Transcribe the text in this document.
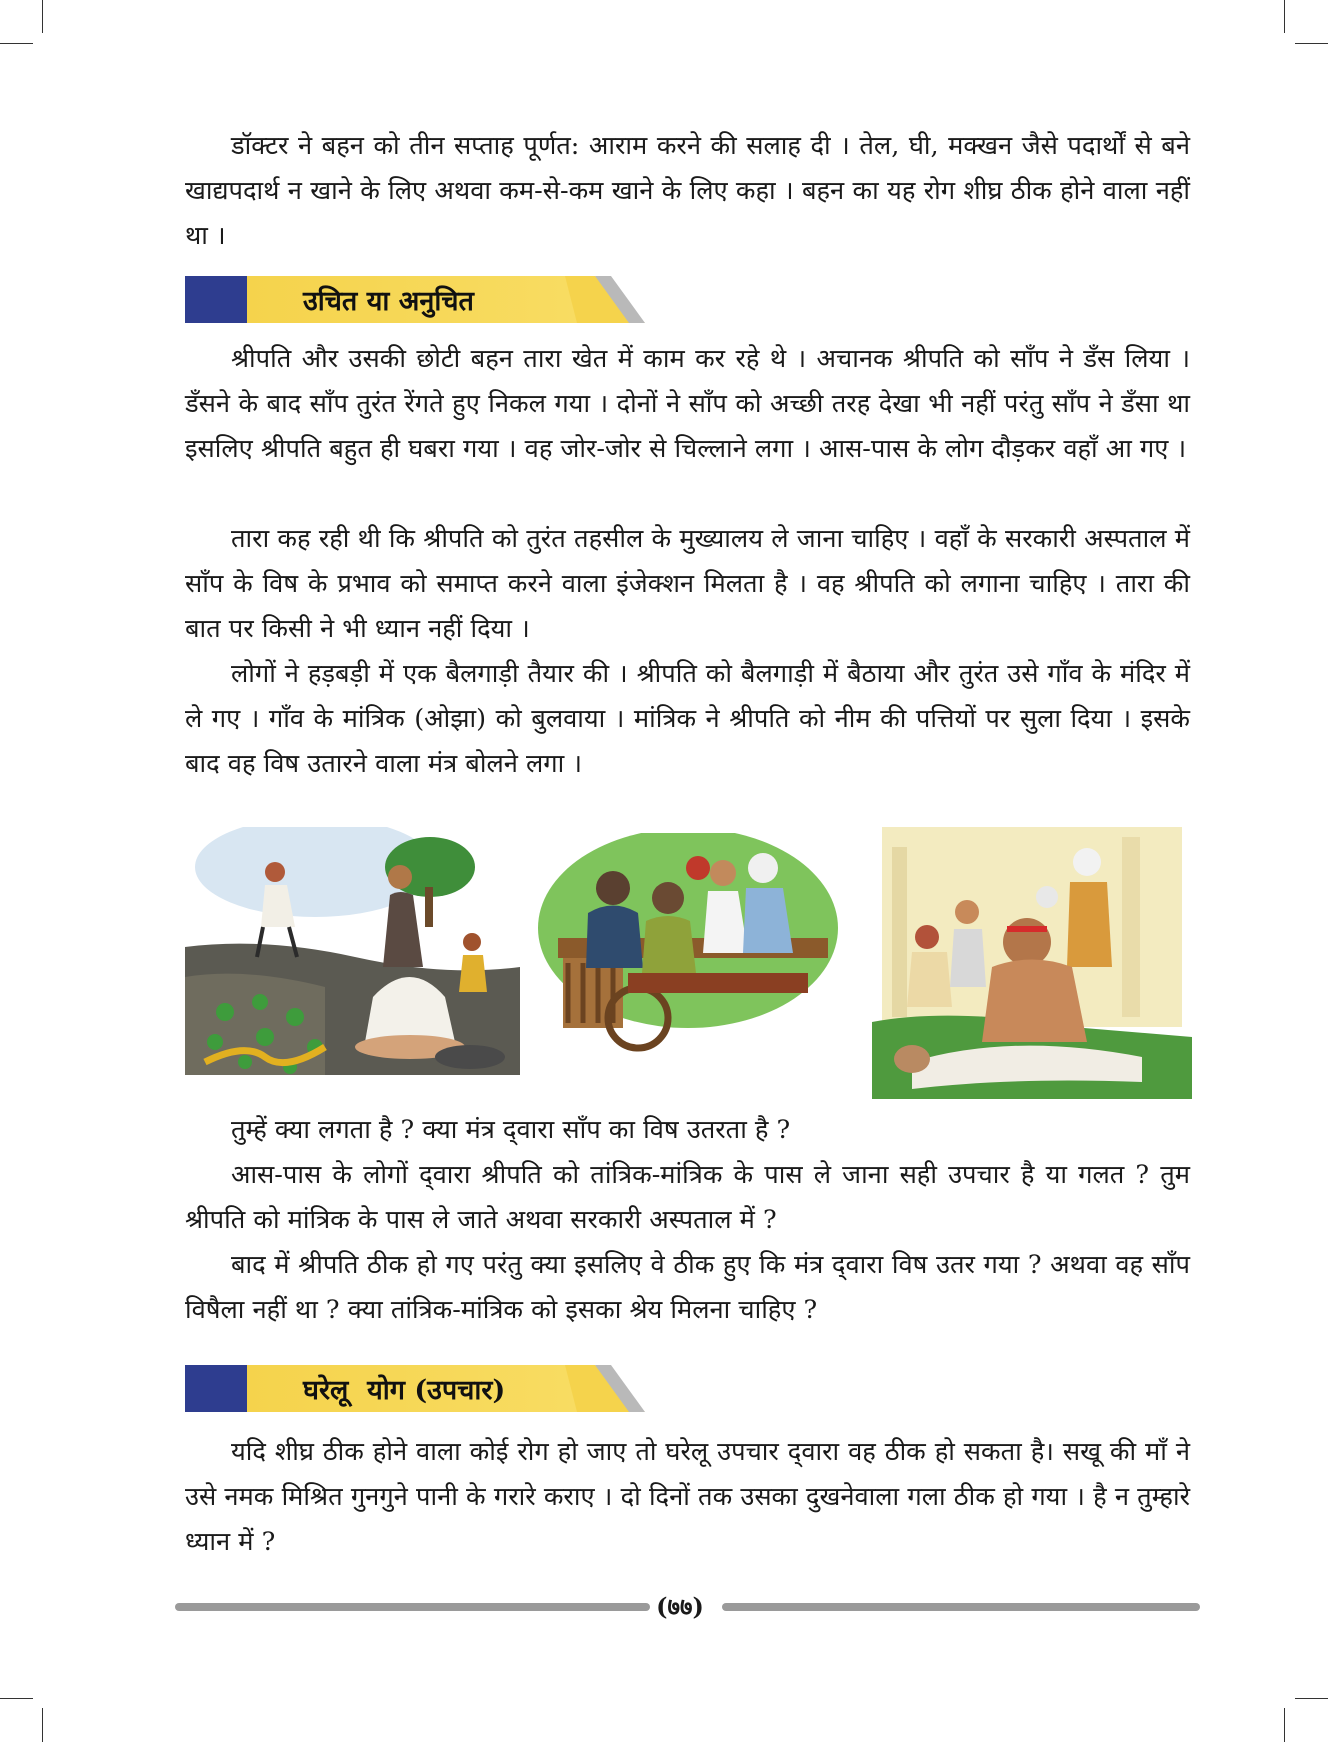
डॉक्टर ने बहन को तीन सप्ताह पूर्णत: आराम करने की सलाह दी । तेल, घी, मक्खन जैसे पदार्थों से बने खाद्यपदार्थ न खाने के लिए अथवा कम-से-कम खाने के लिए कहा । बहन का यह रोग शीघ्र ठीक होने वाला नहीं था ।

उचित या अनुचित

श्रीपति और उसकी छोटी बहन तारा खेत में काम कर रहे थे । अचानक श्रीपति को साँप ने डँस लिया । डँसने के बाद साँप तुरंत रेंगते हुए निकल गया । दोनों ने साँप को अच्छी तरह देखा भी नहीं परंतु साँप ने डँसा था इसलिए श्रीपति बहुत ही घबरा गया । वह जोर-जोर से चिल्लाने लगा । आस-पास के लोग दौड़कर वहाँ आ गए ।

तारा कह रही थी कि श्रीपति को तुरंत तहसील के मुख्यालय ले जाना चाहिए । वहाँ के सरकारी अस्पताल में साँप के विष के प्रभाव को समाप्त करने वाला इंजेक्शन मिलता है । वह श्रीपति को लगाना चाहिए । तारा की बात पर किसी ने भी ध्यान नहीं दिया ।

लोगों ने हड़बड़ी में एक बैलगाड़ी तैयार की । श्रीपति को बैलगाड़ी में बैठाया और तुरंत उसे गाँव के मंदिर में ले गए । गाँव के मांत्रिक (ओझा) को बुलवाया । मांत्रिक ने श्रीपति को नीम की पत्तियों पर सुला दिया । इसके बाद वह विष उतारने वाला मंत्र बोलने लगा ।

तुम्हें क्या लगता है ? क्या मंत्र द्‍वारा साँप का विष उतरता है ?

आस-पास के लोगों द्‍वारा श्रीपति को तांत्रिक-मांत्रिक के पास ले जाना सही उपचार है या गलत ? तुम श्रीपति को मांत्रिक के पास ले जाते अथवा सरकारी अस्पताल में ?

बाद में श्रीपति ठीक हो गए परंतु क्या इसलिए वे ठीक हुए कि मंत्र द्‍वारा विष उतर गया ? अथवा वह साँप विषैला नहीं था ? क्या तांत्रिक-मांत्रिक को इसका श्रेय मिलना चाहिए ?

घरेलू  योग (उपचार)

यदि शीघ्र ठीक होने वाला कोई रोग हो जाए तो घरेलू उपचार द्‍वारा वह ठीक हो सकता है। सखू की माँ ने उसे नमक मिश्रित गुनगुने पानी के गरारे कराए । दो दिनों तक उसका दुखनेवाला गला ठीक हो गया । है न तुम्हारे ध्यान में ?

(७७)
